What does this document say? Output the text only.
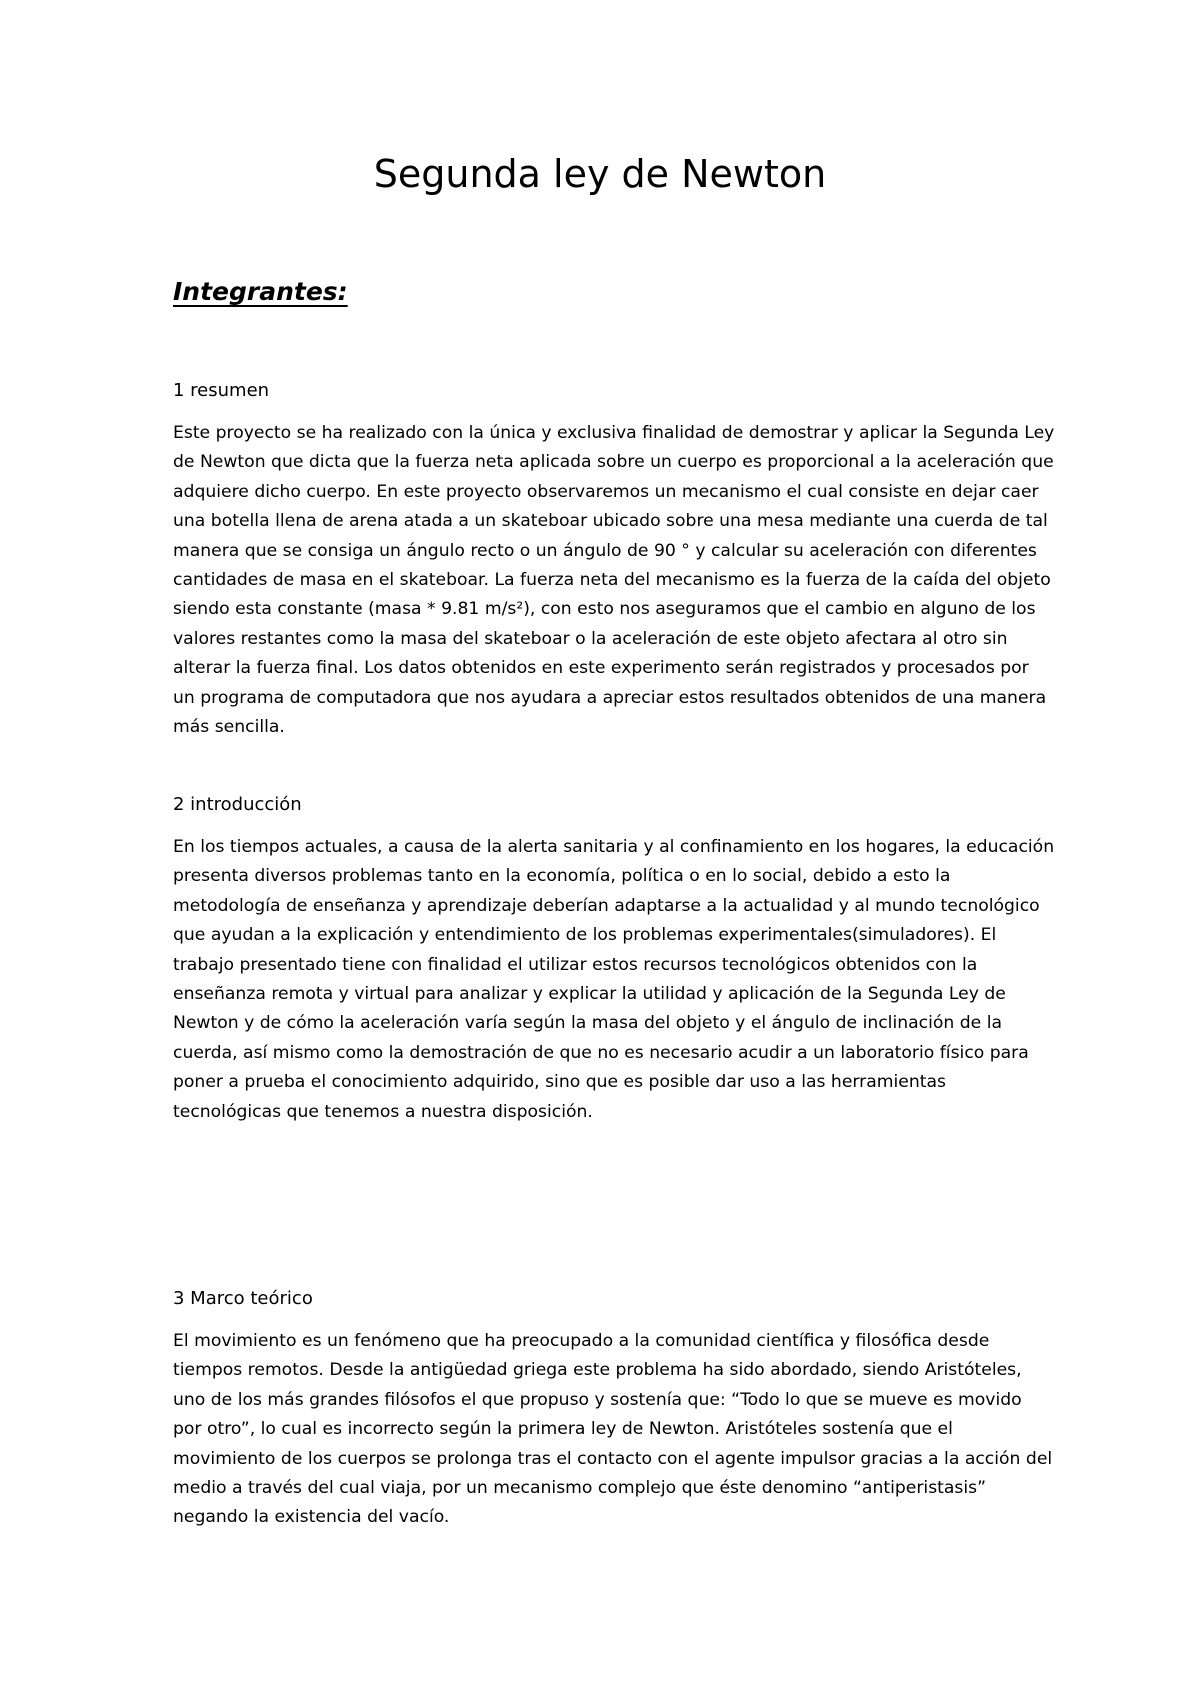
Segunda ley de Newton
Integrantes:
1 resumen

Este proyecto se ha realizado con la única y exclusiva finalidad de demostrar y aplicar la Segunda Ley de Newton que dicta que la fuerza neta aplicada sobre un cuerpo es proporcional a la aceleración que adquiere dicho cuerpo. En este proyecto observaremos un mecanismo el cual consiste en dejar caer una botella llena de arena atada a un skateboar ubicado sobre una mesa mediante una cuerda de tal manera que se consiga un ángulo recto o un ángulo de 90 ° y calcular su aceleración con diferentes cantidades de masa en el skateboar. La fuerza neta del mecanismo es la fuerza de la caída del objeto siendo esta constante (masa * 9.81 m/s²), con esto nos aseguramos que el cambio en alguno de los valores restantes como la masa del skateboar o la aceleración de este objeto afectara al otro sin alterar la fuerza final. Los datos obtenidos en este experimento serán registrados y procesados por un programa de computadora que nos ayudara a apreciar estos resultados obtenidos de una manera más sencilla.

2 introducción

En los tiempos actuales, a causa de la alerta sanitaria y al confinamiento en los hogares, la educación presenta diversos problemas tanto en la economía, política o en lo social, debido a esto la metodología de enseñanza y aprendizaje deberían adaptarse a la actualidad y al mundo tecnológico que ayudan a la explicación y entendimiento de los problemas experimentales(simuladores). El trabajo presentado tiene con finalidad el utilizar estos recursos tecnológicos obtenidos con la enseñanza remota y virtual para analizar y explicar la utilidad y aplicación de la Segunda Ley de Newton y de cómo la aceleración varía según la masa del objeto y el ángulo de inclinación de la cuerda, así mismo como la demostración de que no es necesario acudir a un laboratorio físico para poner a prueba el conocimiento adquirido, sino que es posible dar uso a las herramientas tecnológicas que tenemos a nuestra disposición.

3 Marco teórico

El movimiento es un fenómeno que ha preocupado a la comunidad científica y filosófica desde tiempos remotos. Desde la antigüedad griega este problema ha sido abordado, siendo Aristóteles, uno de los más grandes filósofos el que propuso y sostenía que: “Todo lo que se mueve es movido por otro”, lo cual es incorrecto según la primera ley de Newton. Aristóteles sostenía que el movimiento de los cuerpos se prolonga tras el contacto con el agente impulsor gracias a la acción del medio a través del cual viaja, por un mecanismo complejo que éste denomino “antiperistasis” negando la existencia del vacío.
